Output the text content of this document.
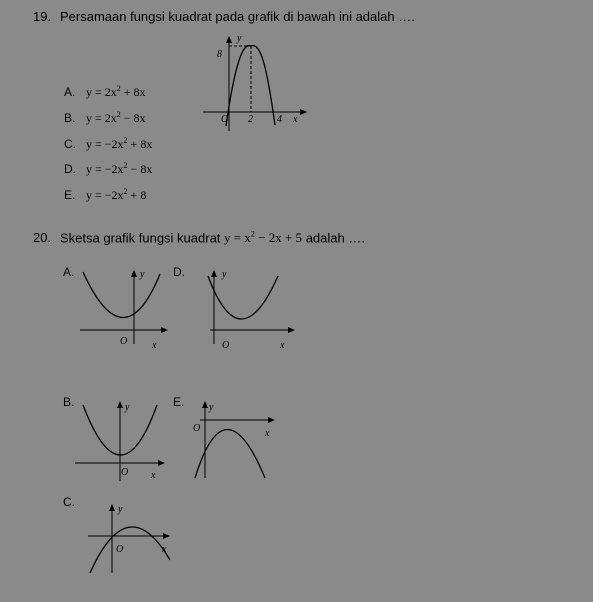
19. Persamaan fungsi kuadrat pada grafik di bawah ini adalah ….
A. $y = 2x^2 + 8x$
B. $y = 2x^2 - 8x$
C. $y = -2x^2 + 8x$
D. $y = -2x^2 - 8x$
E. $y = -2x^2 + 8$
8
y
O 2 4 x
20. Sketsa grafik fungsi kuadrat $y = x^2 - 2x + 5$ adalah ….
A.	y
O x
D.	y
O	x
B.	y
O x
E. y
O	x
C.
y
O	x
